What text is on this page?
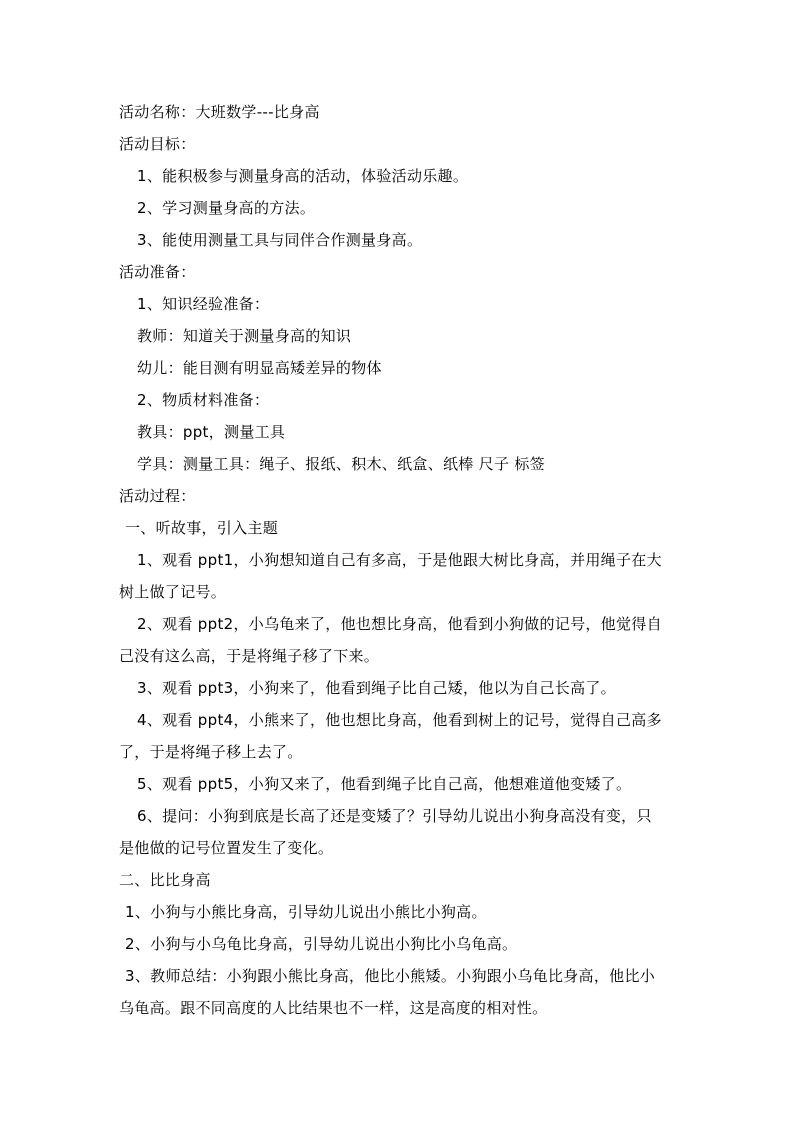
活动名称：大班数学---比身高
活动目标：
1、能积极参与测量身高的活动，体验活动乐趣。
2、学习测量身高的方法。
3、能使用测量工具与同伴合作测量身高。
活动准备：
1、知识经验准备：
教师：知道关于测量身高的知识
幼儿：能目测有明显高矮差异的物体
2、物质材料准备：
教具：ppt，测量工具
学具：测量工具：绳子、报纸、积木、纸盒、纸棒 尺子 标签
活动过程：
一、听故事，引入主题
1、观看 ppt1，小狗想知道自己有多高，于是他跟大树比身高，并用绳子在大
树上做了记号。
2、观看 ppt2，小乌龟来了，他也想比身高，他看到小狗做的记号，他觉得自
己没有这么高，于是将绳子移了下来。
3、观看 ppt3，小狗来了，他看到绳子比自己矮，他以为自己长高了。
4、观看 ppt4，小熊来了，他也想比身高，他看到树上的记号，觉得自己高多
了，于是将绳子移上去了。
5、观看 ppt5，小狗又来了，他看到绳子比自己高，他想难道他变矮了。
6、提问：小狗到底是长高了还是变矮了？引导幼儿说出小狗身高没有变，只
是他做的记号位置发生了变化。
二、比比身高
1、小狗与小熊比身高，引导幼儿说出小熊比小狗高。
2、小狗与小乌龟比身高，引导幼儿说出小狗比小乌龟高。
3、教师总结：小狗跟小熊比身高，他比小熊矮。小狗跟小乌龟比身高，他比小
乌龟高。跟不同高度的人比结果也不一样，这是高度的相对性。
